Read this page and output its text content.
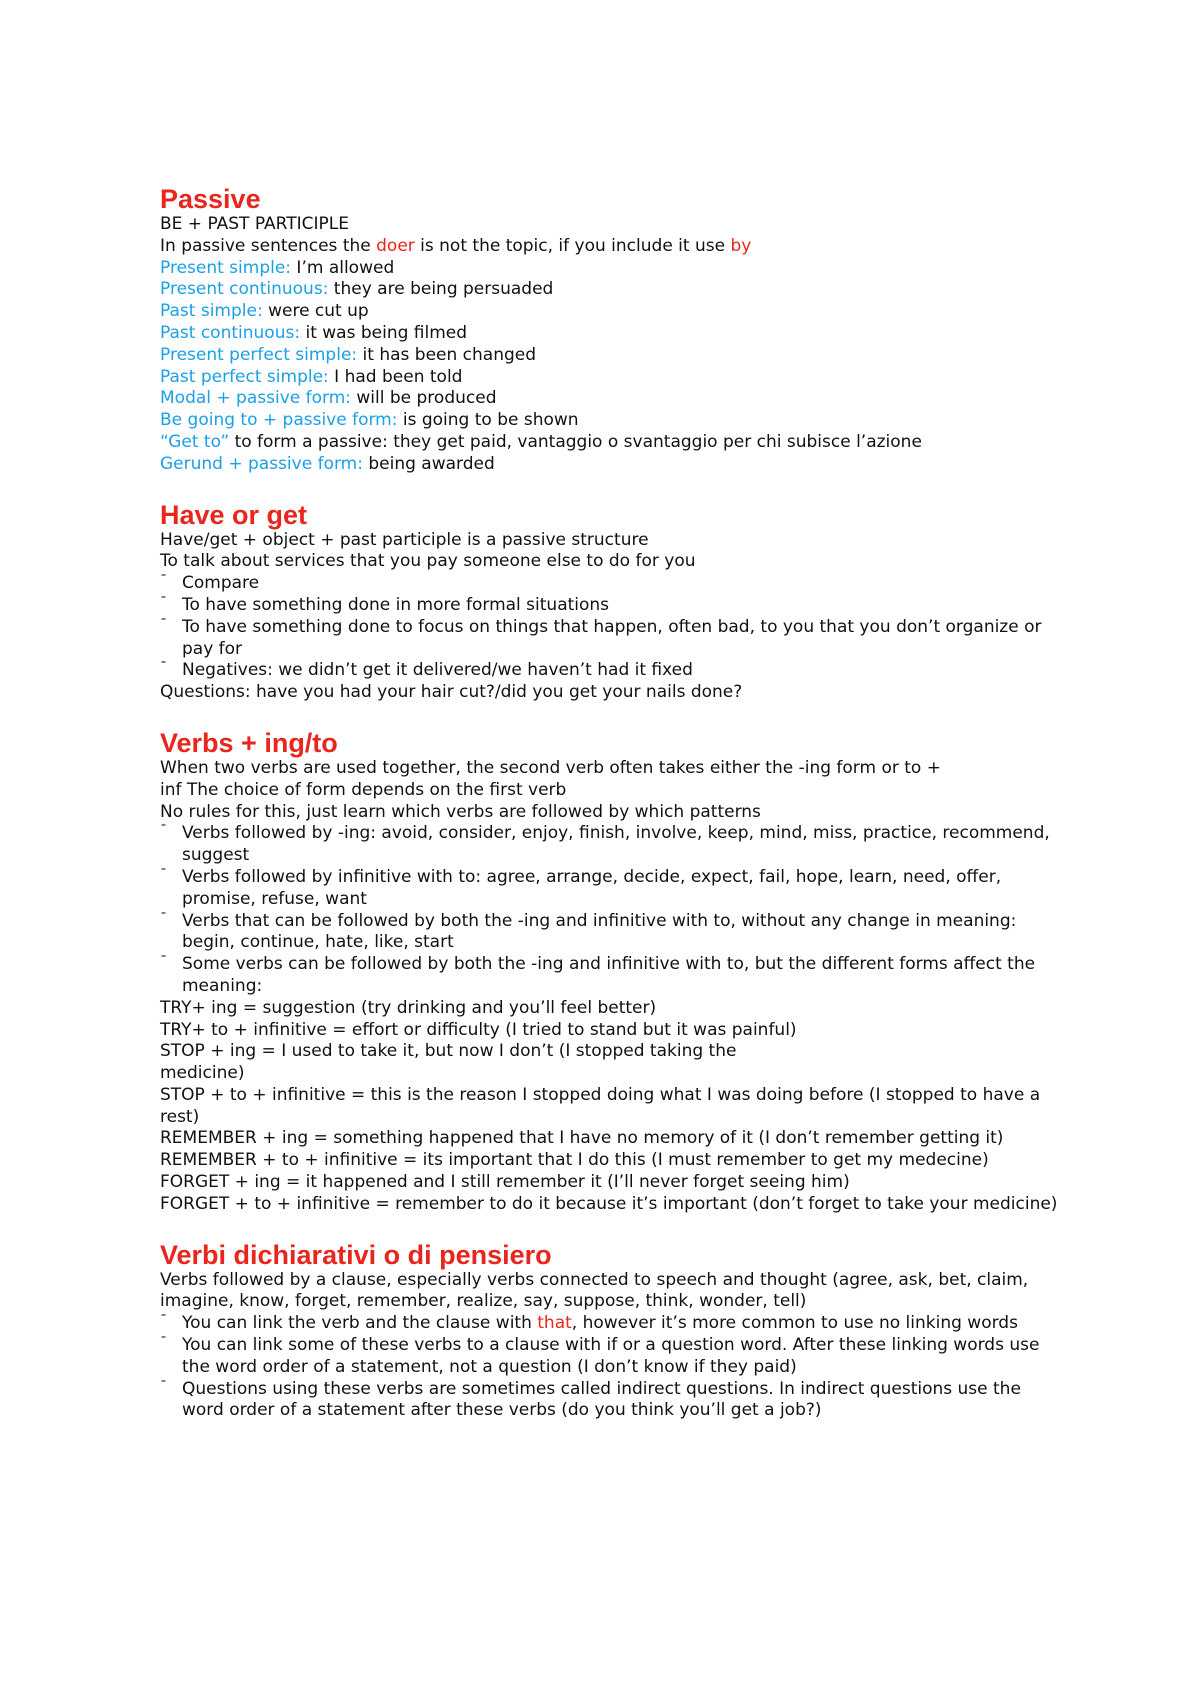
Passive
BE + PAST PARTICIPLE
In passive sentences the doer is not the topic, if you include it use by
Present simple: I’m allowed
Present continuous: they are being persuaded
Past simple: were cut up
Past continuous: it was being filmed
Present perfect simple: it has been changed
Past perfect simple: I had been told
Modal + passive form: will be produced
Be going to + passive form: is going to be shown
“Get to” to form a passive: they get paid, vantaggio o svantaggio per chi subisce l’azione
Gerund + passive form: being awarded
Have or get
Have/get + object + past participle is a passive structure
To talk about services that you pay someone else to do for you
ˉ Compare
ˉ To have something done in more formal situations
ˉ To have something done to focus on things that happen, often bad, to you that you don’t organize or pay for
ˉ Negatives: we didn’t get it delivered/we haven’t had it fixed
Questions: have you had your hair cut?/did you get your nails done?
Verbs + ing/to
When two verbs are used together, the second verb often takes either the -ing form or to +
inf The choice of form depends on the first verb
No rules for this, just learn which verbs are followed by which patterns
ˉ Verbs followed by -ing: avoid, consider, enjoy, finish, involve, keep, mind, miss, practice, recommend, suggest
ˉ Verbs followed by infinitive with to: agree, arrange, decide, expect, fail, hope, learn, need, offer, promise, refuse, want
ˉ Verbs that can be followed by both the -ing and infinitive with to, without any change in meaning: begin, continue, hate, like, start
ˉ Some verbs can be followed by both the -ing and infinitive with to, but the different forms affect the meaning:
TRY+ ing = suggestion (try drinking and you’ll feel better)
TRY+ to + infinitive = effort or difficulty (I tried to stand but it was painful)
STOP + ing = I used to take it, but now I don’t (I stopped taking the medicine)
STOP + to + infinitive = this is the reason I stopped doing what I was doing before (I stopped to have a rest)
REMEMBER + ing = something happened that I have no memory of it (I don’t remember getting it)
REMEMBER + to + infinitive = its important that I do this (I must remember to get my medecine)
FORGET + ing = it happened and I still remember it (I’ll never forget seeing him)
FORGET + to + infinitive = remember to do it because it’s important (don’t forget to take your medicine)
Verbi dichiarativi o di pensiero
Verbs followed by a clause, especially verbs connected to speech and thought (agree, ask, bet, claim, imagine, know, forget, remember, realize, say, suppose, think, wonder, tell)
ˉ You can link the verb and the clause with that, however it’s more common to use no linking words
ˉ You can link some of these verbs to a clause with if or a question word. After these linking words use the word order of a statement, not a question (I don’t know if they paid)
ˉ Questions using these verbs are sometimes called indirect questions. In indirect questions use the word order of a statement after these verbs (do you think you’ll get a job?)
